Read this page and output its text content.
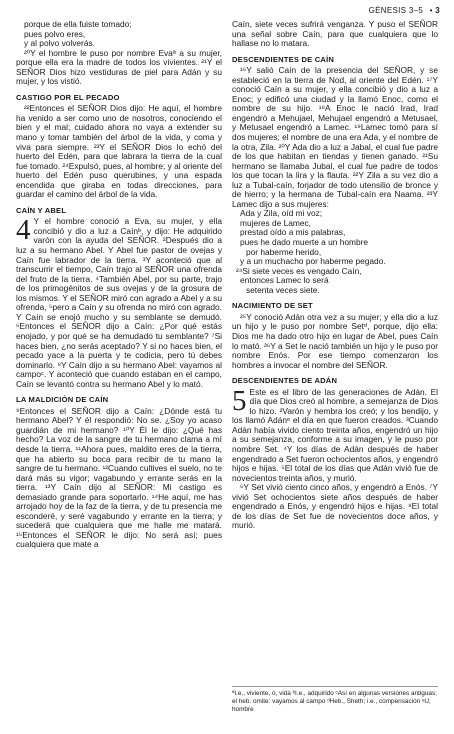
GÉNESIS 3–5 • 3

porque de ella fuiste tomado;

pues polvo eres,

y al polvo volverás.

²⁰Y el hombre le puso por nombre Evaª a su mujer, porque ella era la madre de todos los vivientes. ²¹Y el SEÑOR Dios hizo vestiduras de piel para Adán y su mujer, y los vistió.

CASTIGO POR EL PECADO

²²Entonces el SEÑOR Dios dijo: He aquí, el hombre ha venido a ser como uno de nosotros, conociendo el bien y el mal; cuidado ahora no vaya a extender su mano y tomar también del árbol de la vida, y coma y viva para siempre. ²³Y el SEÑOR Dios lo echó del huerto del Edén, para que labrara la tierra de la cual fue tomado. ²⁴Expulsó, pues, al hombre; y al oriente del huerto del Edén puso querubines, y una espada encendida que giraba en todas direcciones, para guardar el camino del árbol de la vida.

CAÍN Y ABEL
4 Y el hombre conoció a Eva, su mujer, y ella concibió y dio a luz a Caínᵇ, y dijo: He adquirido varón con la ayuda del SEÑOR. ²Después dio a luz a su hermano Abel. Y Abel fue pastor de ovejas y Caín fue labrador de la tierra. ³Y aconteció que al transcurrir el tiempo, Caín trajo al SEÑOR una ofrenda del fruto de la tierra. ⁴También Abel, por su parte, trajo de los primogénitos de sus ovejas y de la grosura de los mismos. Y el SEÑOR miró con agrado a Abel y a su ofrenda, ⁵pero a Caín y su ofrenda no miró con agrado. Y Caín se enojó mucho y su semblante se demudó. ⁶Entonces el SEÑOR dijo a Caín: ¿Por qué estás enojado, y por qué se ha demudado tu semblante? ⁷Si haces bien, ¿no serás aceptado? Y si no haces bien, el pecado yace a la puerta y te codicia, pero tú debes dominarlo. ⁸Y Caín dijo a su hermano Abel: vayamos al campoᶜ. Y aconteció que cuando estaban en el campo, Caín se levantó contra su hermano Abel y lo mató.

LA MALDICIÓN DE CAÍN

⁹Entonces el SEÑOR dijo a Caín: ¿Dónde está tu hermano Abel? Y él respondió: No se. ¿Soy yo acaso guardián de mi hermano? ¹⁰Y Él le dijo: ¿Qué has hecho? La voz de la sangre de tu hermano clama a mí desde la tierra. ¹¹Ahora pues, maldito eres de la tierra, que ha abierto su boca para recibir de tu mano la sangre de tu hermano. ¹²Cuando cultives el suelo, no te dará más su vigor; vagabundo y errante serás en la tierra. ¹³Y Caín dijo al SEÑOR: Mi castigo es demasiado grande para soportarlo. ¹⁴He aquí, me has arrojado hoy de la faz de la tierra, y de tu presencia me esconderé, y seré vagabundo y errante en la tierra; y sucederá que cualquiera que me halle me matará. ¹⁵Entonces el SEÑOR le dijo: No será así; pues cualquiera que mate a

Caín, siete veces sufrirá venganza. Y puso el SEÑOR una señal sobre Caín, para que cualquiera que lo hallase no lo matara.

DESCENDIENTES DE CAÍN

¹⁶Y salió Caín de la presencia del SEÑOR, y se estableció en la tierra de Nod, al oriente del Edén. ¹⁷Y conoció Caín a su mujer, y ella concibió y dio a luz a Enoc; y edificó una ciudad y la llamó Enoc, como el nombre de su hijo. ¹⁸A Enoc le nació Irad, Irad engendró a Mehujael, Mehujael engendró a Metusael, y Metusael engendró a Lamec. ¹⁹Lamec tomó para sí dos mujeres; el nombre de una era Ada, y el nombre de la otra, Zila. ²⁰Y Ada dio a luz a Jabal, el cual fue padre de los que habitan en tiendas y tienen ganado. ²¹Su hermano se llamaba Jubal, el cual fue padre de todos los que tocan la lira y la flauta. ²²Y Zila a su vez dio a luz a Tubal-caín, forjador de todo utensilio de bronce y de hierro; y la hermana de Tubal-caín era Naama. ²³Y Lamec dijo a sus mujeres:

Ada y Zila, oíd mi voz;

mujeres de Lamec,

prestad oído a mis palabras,

pues he dado muerte a un hombre

por haberme herido,

y a un muchacho por haberme pegado.

²⁴Si siete veces es vengado Caín,

entonces Lamec lo será

setenta veces siete.

NACIMIENTO DE SET

²⁵Y conoció Adán otra vez a su mujer; y ella dio a luz un hijo y le puso por nombre Setᵈ, porque, dijo ella: Dios me ha dado otro hijo en lugar de Abel, pues Caín lo mató. ²⁶Y a Set le nació también un hijo y le puso por nombre Enós. Por ese tiempo comenzaron los hombres a invocar el nombre del SEÑOR.

DESCENDIENTES DE ADÁN
5 Este es el libro de las generaciones de Adán. El día que Dios creó al hombre, a semejanza de Dios lo hizo. ²Varón y hembra los creó; y los bendijo, y los llamó Adánᵉ el día en que fueron creados. ³Cuando Adán había vivido ciento treinta años, engendró un hijo a su semejanza, conforme a su imagen, y le puso por nombre Set. ⁴Y los días de Adán después de haber engendrado a Set fueron ochocientos años, y engendró hijos e hijas. ⁵El total de los días que Adán vivió fue de novecientos treinta años, y murió.

⁶Y Set vivió ciento cinco años, y engendró a Enós. ⁷Y vivió Set ochocientos siete años después de haber engendrado a Enós, y engendró hijos e hijas. ⁸El total de los días de Set fue de novecientos doce años, y murió.

ªI.e., viviente, o, vida ᵇI.e., adquirido ᶜAsí en algunas versiones antiguas; el heb. omite: vayamos al campo ᵈHeb., Sheth; i.e., compensación ᵉU, hombre
